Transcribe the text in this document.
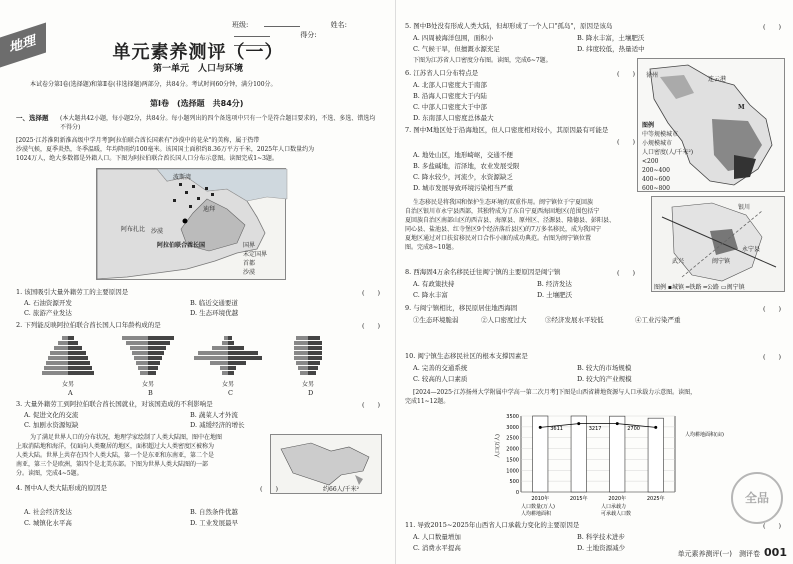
地理
班级:	姓名: 得分:
单元素养测评（一）
第一单元　人口与环境
本试卷分第Ⅰ卷(选择题)和第Ⅱ卷(非选择题)两部分，共84分。考试时间60分钟，满分100分。
第Ⅰ卷　(选择题　共84分)
一、选择题 (本大题共42小题，每小题2分，共84分。每小题列出的四个备选项中只有一个是符合题目要求的，不选、多选、错选均不得分)
[2025·江苏淮阴新淮高级中学月考]阿拉伯联合酋长国素有"沙漠中的花朵"的美称，属于热带
沙漠气候，夏季炎热，冬季温暖，年均降雨约100毫米。该国国土面积约8.36万平方千米，2025年人口数量约为
1024万人，绝大多数都是外籍人口。下图为阿拉伯联合酋长国人口分布示意图。读图完成1~3题。
波斯湾
阿布扎比
阿拉伯联合酋长国
迪拜
沙漠
国界
未定国界
首都
沙漠
1. 该国吸引大量外籍劳工的主要原因是	(　　)
A. 石油资源开发	B. 临近交通要道
C. 旅游产业发达	D. 生态环境优越
2. 下列能反映阿拉伯联合酋长国人口年龄构成的是	(　　)
女男	女男	女男	女男
A	B	C	D
3. 大量外籍劳工到阿拉伯联合酋长国就业，对该国造成的不利影响是	(　　)
A. 促进文化的交流	B. 蔬菜人才外流
C. 加剧水资源短缺	D. 减缓经济的增长
为了满足世界人口的分布状况，地理学家绘制了人类大陆图，图中在地图
上取消陆地和海洋，仅面向人类聚居的地区，面积超过大人类密度区被称为
人类大陆。世界上共存在四个人类大陆，第一个是东亚和东南亚，第二个是
南亚，第三个是欧洲，第四个是北美东部。下图为世界人类大陆图的一部
分。读图，完成4~5题。
约66人/千米²
4. 图中A人类大陆形成的原因是	(　　)
A. 社会经济发达	B. 自然条件优越
C. 城镇化水平高	D. 工业发展最早
5. 图中B处没有形成人类大陆，但却形成了一个人口"孤岛"，原因是该岛	(　　)
A. 四周被海洋包围，面积小	B. 降水丰富，土壤肥沃
C. 气候干旱，但擅溉水源充足	D. 纬度较低，热量适中
下图为江苏省人口密度分布图。读图，完成6~7题。
6. 江苏省人口分布特点是	(　　)
A. 北部人口密度大于南部
B. 沿海人口密度大于内陆
C. 中部人口密度大于中部
D. 东南部人口密度总体最大
7. 图中M地区处于沿海地区，但人口密度相对较小，其原因最有可能是
(　　)
A. 地处山区，地形崎岖，交通不便
B. 多盐碱地，沼泽地，农业发展受限
C. 降水较少，河流少，水资源缺乏
D. 城市发展导致环境污染相当严重
徐州
连云港
M
图例
中等规模城市
小规模城市
人口密度(人/千米²)
<200
200~400
400~600
600~800
生态移民是将我国和保护生态环境的双重作用。闽宁镇位于宁夏回族
自治区银川市永宁县西部，其独特成为了东自宁夏西海固地区(范围包括宁
夏回族自治区南部山区的西吉县、海原县、原州区、泾源县、隆德县、彭阳县、
同心县、盐池县、红寺堡区9个经济落后县区)的7万多名移民，成为我国宁
夏地区通过对口扶贫移民对口合作小康的成功典范。右图为闽宁镇位置
图。完成8~10题。
银川
闽宁镇
永宁县
武兴
图例 ▪城镇 ━铁路 ━公路 ▭闽宁镇
8. 西海固4万余名移民迁往闽宁镇的主要原因是闽宁镇	(　　)
A. 有政策扶持	B. 经济发达
C. 降水丰富	D. 土壤肥沃
9. 与闽宁镇相比，移民原居住地西海固	(　　)
①生态环境脆弱	②人口密度过大	③经济发展水平较低	④工业污染严重
10. 闽宁镇生态移民社区的根本支撑因素是	(　　)
A. 完善的交通系统	B. 较大的市场规模
C. 较高的人口素质	D. 较大的产业规模
[2024—2025·江苏扬州大学附属中学高一第二次月考]下图是山西省耕地资源与人口承载力示意图。读图，
完成11~12题。
0
500
1000
1500
2000
2500
3000
3500
2010年	2015年	2020年	2025年
3611	3217	2700
人口(万人)	人均耕地面积(亩)
人口数量(万人)	人口承载力
人均耕地面积	可承载人口数
11. 导致2015~2025年山西省人口承载力变化的主要原因是	(　　)
A. 人口数量增加	B. 科学技术进步
C. 消费水平提高	D. 土地资源减少
全品
单元素养测评(一)　测评卷 001
